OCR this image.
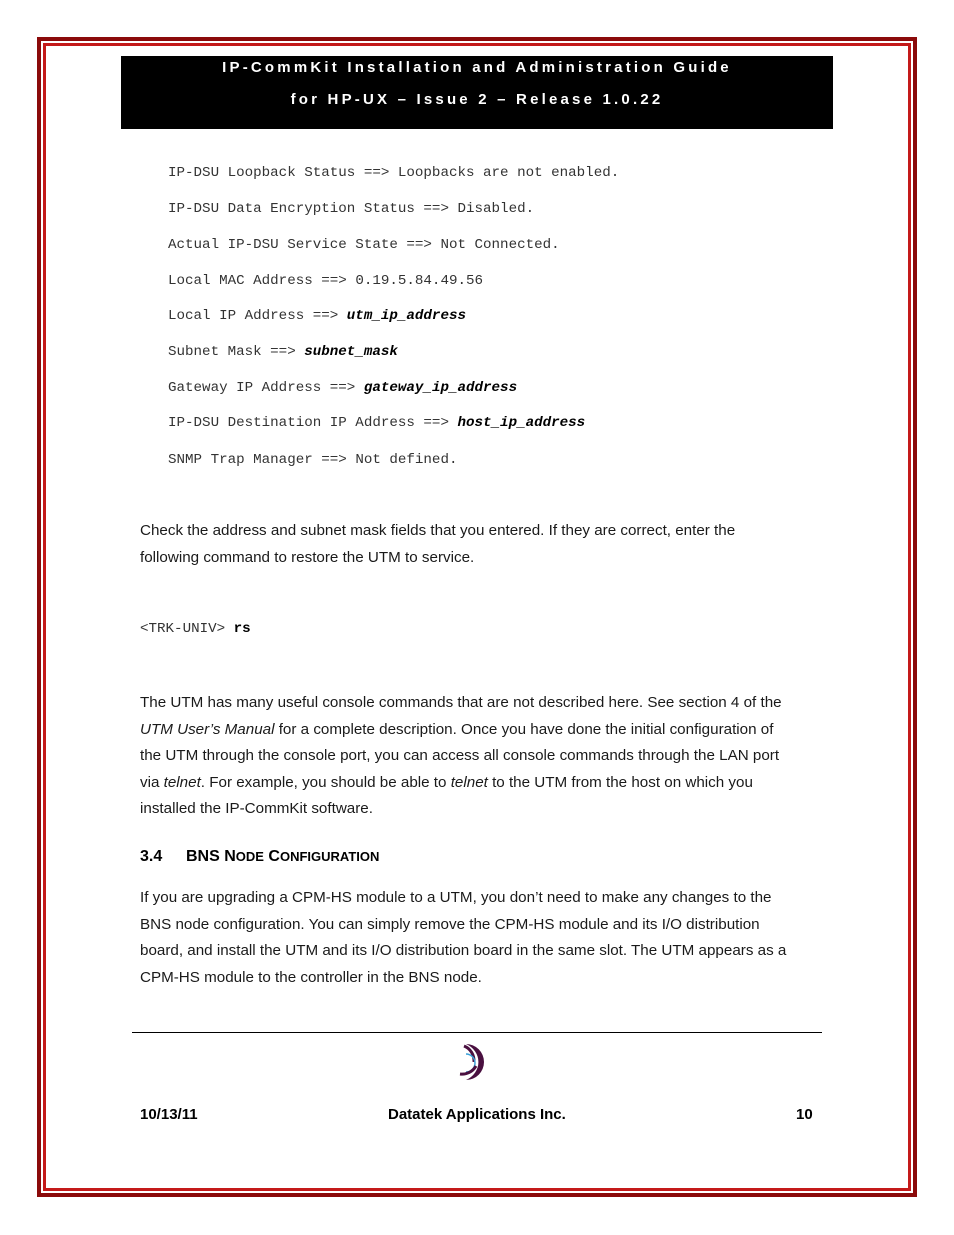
IP-CommKit Installation and Administration Guide
for HP-UX – Issue 2 – Release 1.0.22
IP-DSU Loopback Status ==> Loopbacks are not enabled.
IP-DSU Data Encryption Status ==> Disabled.
Actual IP-DSU Service State ==> Not Connected.
Local MAC Address ==> 0.19.5.84.49.56
Local IP Address ==> utm_ip_address
Subnet Mask ==> subnet_mask
Gateway IP Address ==> gateway_ip_address
IP-DSU Destination IP Address ==> host_ip_address
SNMP Trap Manager ==> Not defined.
Check the address and subnet mask fields that you entered. If they are correct, enter the
following command to restore the UTM to service.
<TRK-UNIV> rs
The UTM has many useful console commands that are not described here. See section 4 of the
UTM User’s Manual for a complete description. Once you have done the initial configuration of
the UTM through the console port, you can access all console commands through the LAN port
via telnet. For example, you should be able to telnet to the UTM from the host on which you
installed the IP-CommKit software.
3.4 BNS NODE CONFIGURATION
If you are upgrading a CPM-HS module to a UTM, you don’t need to make any changes to the
BNS node configuration. You can simply remove the CPM-HS module and its I/O distribution
board, and install the UTM and its I/O distribution board in the same slot. The UTM appears as a
CPM-HS module to the controller in the BNS node.
10/13/11	Datatek Applications Inc.	10
